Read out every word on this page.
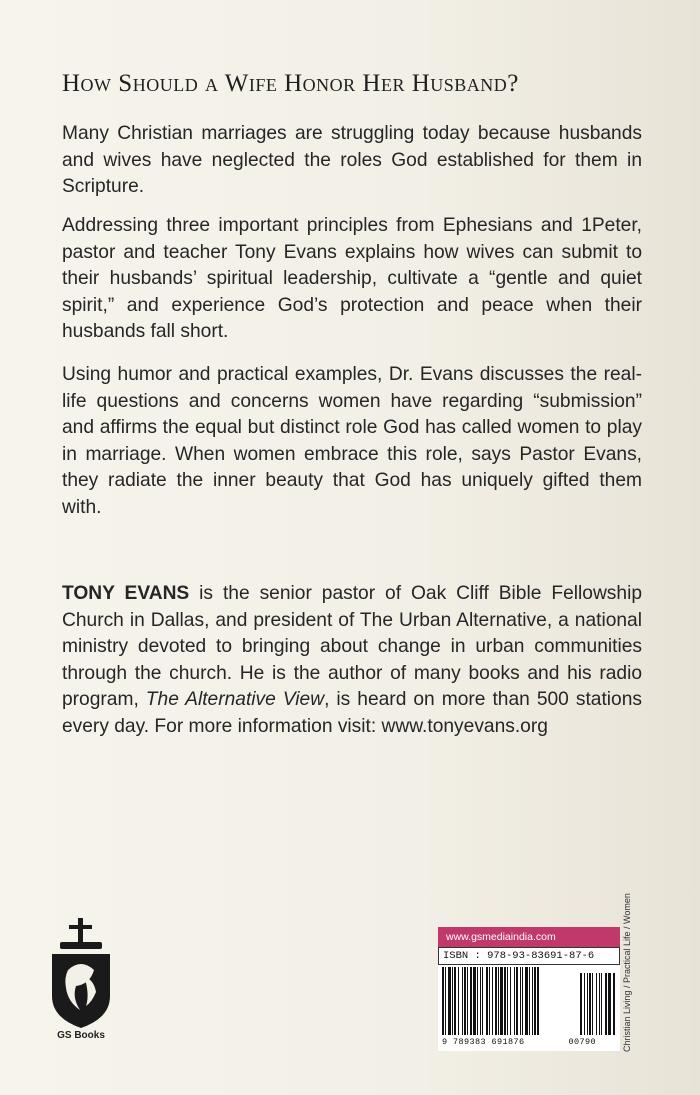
How Should a Wife Honor Her Husband?

Many Christian marriages are struggling today because husbands and wives have neglected the roles God established for them in Scripture.

Addressing three important principles from Ephesians and 1Peter, pastor and teacher Tony Evans explains how wives can submit to their husbands’ spiritual leadership, cultivate a “gentle and quiet spirit,” and experience God’s protection and peace when their husbands fall short.

Using humor and practical examples, Dr. Evans discusses the real-life questions and concerns women have regarding “submission” and affirms the equal but distinct role God has called women to play in marriage. When women embrace this role, says Pastor Evans, they radiate the inner beauty that God has uniquely gifted them with.

TONY EVANS is the senior pastor of Oak Cliff Bible Fellowship Church in Dallas, and president of The Urban Alternative, a national ministry devoted to bringing about change in urban communities through the church. He is the author of many books and his radio program, The Alternative View, is heard on more than 500 stations every day. For more information visit: www.tonyevans.org

GS Books
www.gsmediaindia.com
ISBN : 978-93-83691-87-6
9 789383 691876	00790	Christian Living / Practical Life / Women
